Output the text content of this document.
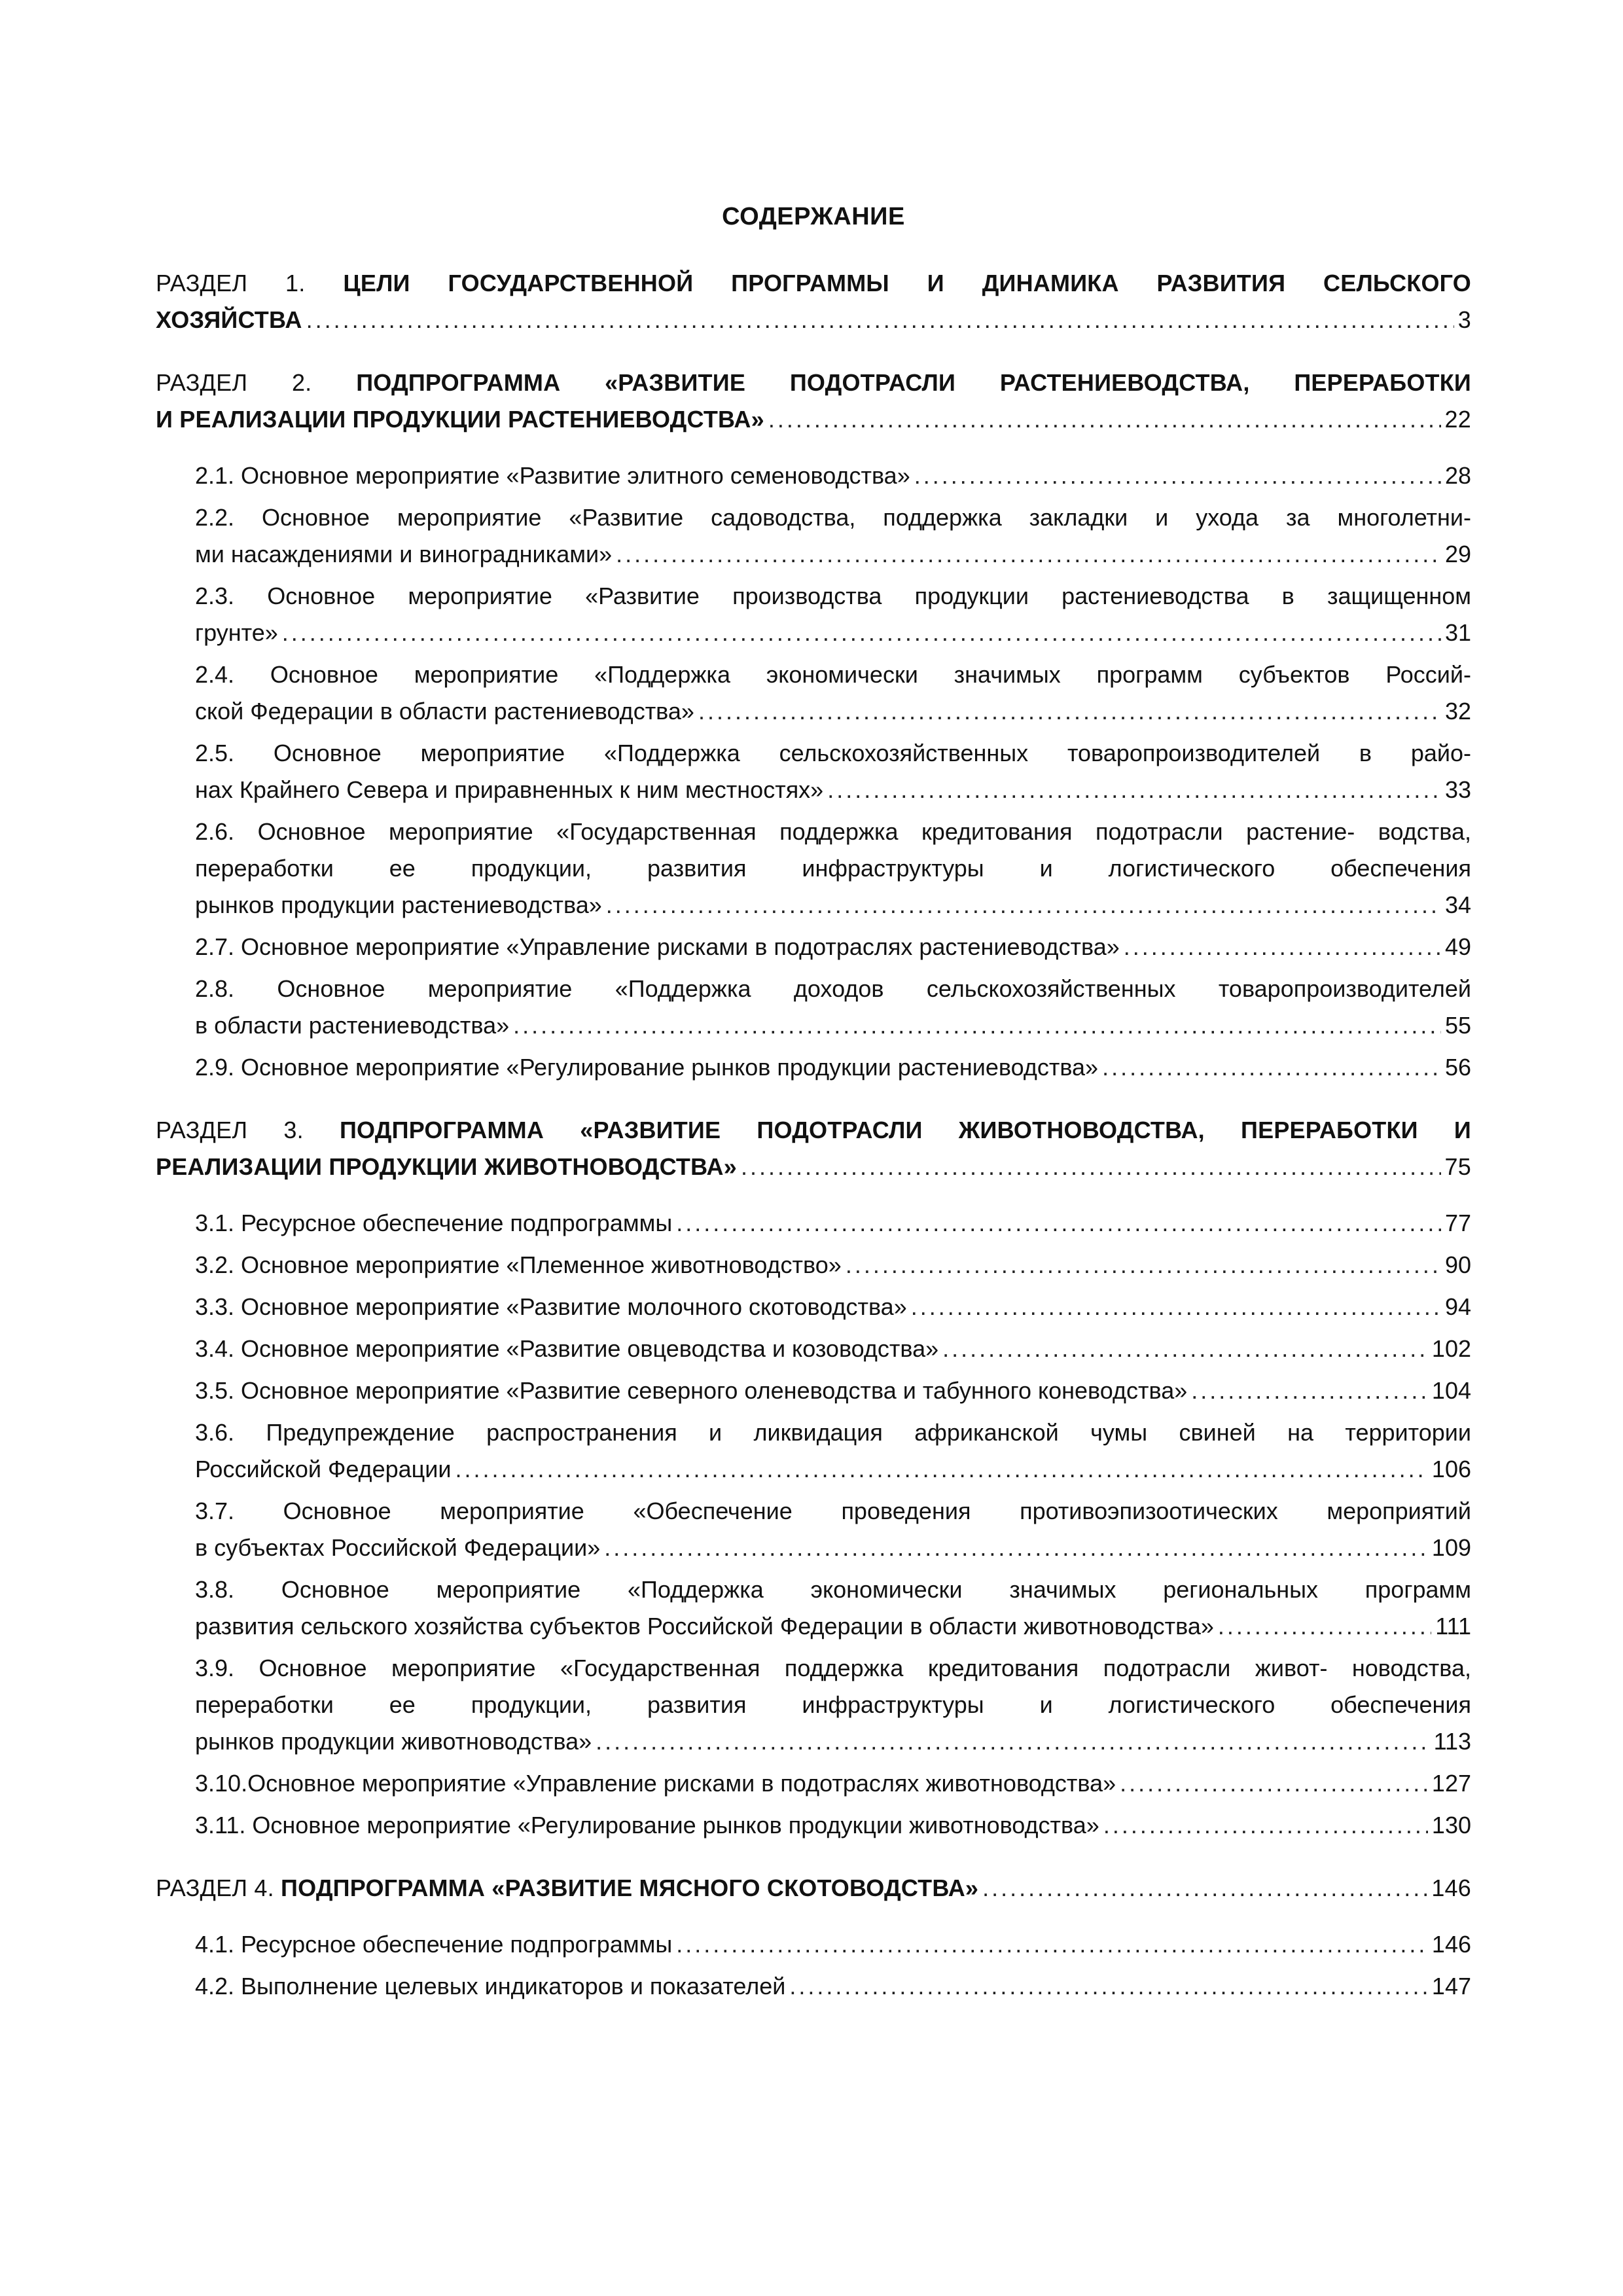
СОДЕРЖАНИЕ
РАЗДЕЛ 1. ЦЕЛИ ГОСУДАРСТВЕННОЙ ПРОГРАММЫ И ДИНАМИКА РАЗВИТИЯ СЕЛЬСКОГО
ХОЗЯЙСТВА .....	3
РАЗДЕЛ 2. ПОДПРОГРАММА «РАЗВИТИЕ ПОДОТРАСЛИ РАСТЕНИЕВОДСТВА, ПЕРЕРАБОТКИ
И РЕАЛИЗАЦИИ ПРОДУКЦИИ РАСТЕНИЕВОДСТВА» .....	22
2.1. Основное мероприятие «Развитие элитного семеноводства» .....	28
2.2. Основное мероприятие «Развитие садоводства, поддержка закладки и ухода за многолетни-
ми насаждениями и виноградниками» .....	29
2.3. Основное мероприятие «Развитие производства продукции растениеводства в защищенном
грунте» .....	31
2.4. Основное мероприятие «Поддержка экономически значимых программ субъектов Россий-
ской Федерации в области растениеводства» .....	32
2.5. Основное мероприятие «Поддержка сельскохозяйственных товаропроизводителей в райо-
нах Крайнего Севера и приравненных к ним местностях» .....	33
2.6. Основное мероприятие «Государственная поддержка кредитования подотрасли растениe- водства, переработки ее продукции, развития инфраструктуры и логистического обеспечения
рынков продукции растениеводства» .....	34
2.7. Основное мероприятие «Управление рисками в подотраслях растениеводства» .....	49
2.8. Основное мероприятие «Поддержка доходов сельскохозяйственных товаропроизводителей
в области растениеводства» .....	55
2.9. Основное мероприятие «Регулирование рынков продукции растениеводства» .....	56
РАЗДЕЛ 3. ПОДПРОГРАММА «РАЗВИТИЕ ПОДОТРАСЛИ ЖИВОТНОВОДСТВА, ПЕРЕРАБОТКИ И
РЕАЛИЗАЦИИ ПРОДУКЦИИ ЖИВОТНОВОДСТВА» .....	75
3.1. Ресурсное обеспечение подпрограммы .....	77
3.2. Основное мероприятие «Племенное животноводство» .....	90
3.3. Основное мероприятие «Развитие молочного скотоводства» .....	94
3.4. Основное мероприятие «Развитие овцеводства и козоводства» .....	102
3.5. Основное мероприятие «Развитие северного оленеводства и табунного коневодства» .....	104
3.6. Предупреждение распространения и ликвидация африканской чумы свиней на территории
Российской Федерации .....	106
3.7. Основное мероприятие «Обеспечение проведения противоэпизоотических мероприятий
в субъектах Российской Федерации» .....	109
3.8. Основное мероприятие «Поддержка экономически значимых региональных программ
развития сельского хозяйства субъектов Российской Федерации в области животноводства» .....	111
3.9. Основное мероприятие «Государственная поддержка кредитования подотрасли живот- новодства, переработки ее продукции, развития инфраструктуры и логистического обеспечения
рынков продукции животноводства» .....	113
3.10.Основное мероприятие «Управление рисками в подотраслях животноводства» .....	127
3.11. Основное мероприятие «Регулирование рынков продукции животноводства» .....	130
РАЗДЕЛ 4. ПОДПРОГРАММА «РАЗВИТИЕ МЯСНОГО СКОТОВОДСТВА» .....	146
4.1. Ресурсное обеспечение подпрограммы .....	146
4.2. Выполнение целевых индикаторов и показателей .....	147
